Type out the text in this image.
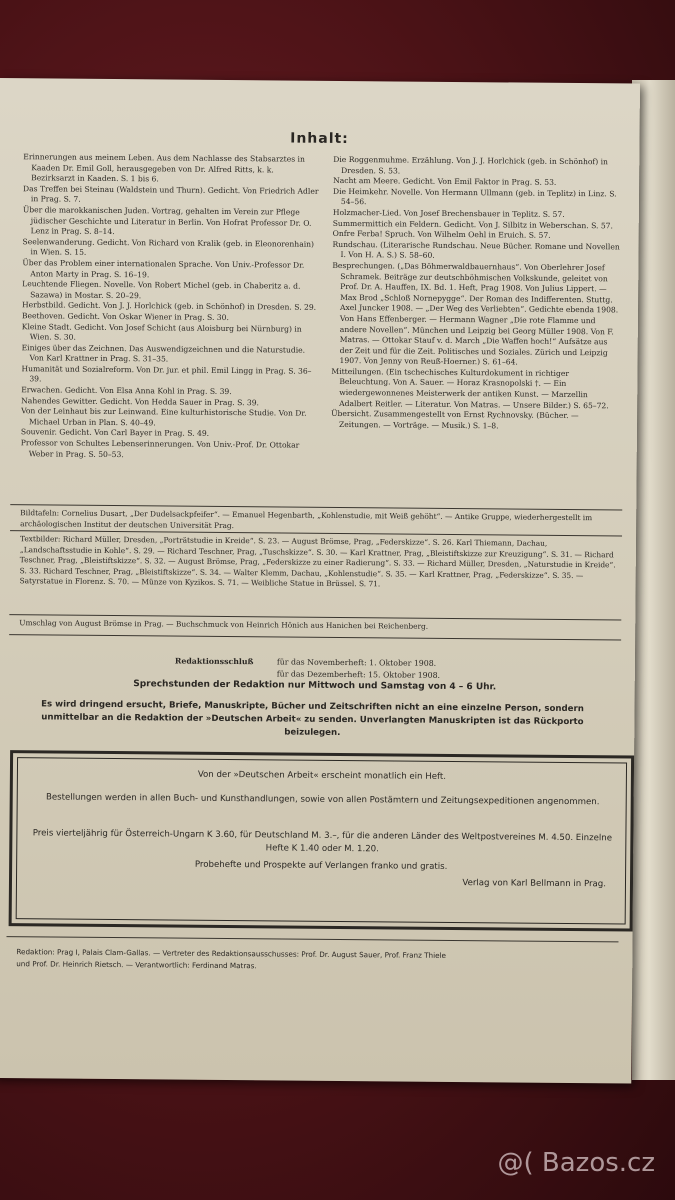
Inhalt:

Erinnerungen aus meinem Leben. Aus dem Nachlasse des Stabsarztes in Kaaden Dr. Emil Goll, herausgegeben von Dr. Alfred Ritts, k. k. Bezirksarzt in Kaaden. S. 1 bis 6.

Das Treffen bei Steinau (Waldstein und Thurn). Gedicht. Von Friedrich Adler in Prag. S. 7.

Über die marokkanischen Juden. Vortrag, gehalten im Verein zur Pflege jüdischer Geschichte und Literatur in Berlin. Von Hofrat Professor Dr. O. Lenz in Prag. S. 8–14.

Seelenwanderung. Gedicht. Von Richard von Kralik (geb. in Eleonorenhain) in Wien. S. 15.

Über das Problem einer internationalen Sprache. Von Univ.-Professor Dr. Anton Marty in Prag. S. 16–19.

Leuchtende Fliegen. Novelle. Von Robert Michel (geb. in Chaberitz a. d. Sazawa) in Mostar. S. 20–29.

Herbstbild. Gedicht. Von J. J. Horlchick (geb. in Schönhof) in Dresden. S. 29.

Beethoven. Gedicht. Von Oskar Wiener in Prag. S. 30.

Kleine Stadt. Gedicht. Von Josef Schicht (aus Aloisburg bei Nürnburg) in Wien. S. 30.

Einiges über das Zeichnen. Das Auswendigzeichnen und die Naturstudie. Von Karl Krattner in Prag. S. 31–35.

Humanität und Sozialreform. Von Dr. jur. et phil. Emil Lingg in Prag. S. 36–39.

Erwachen. Gedicht. Von Elsa Anna Kohl in Prag. S. 39.

Nahendes Gewitter. Gedicht. Von Hedda Sauer in Prag. S. 39.

Von der Leinhaut bis zur Leinwand. Eine kulturhistorische Studie. Von Dr. Michael Urban in Plan. S. 40–49.

Souvenir. Gedicht. Von Carl Bayer in Prag. S. 49.

Professor von Schultes Lebenserinnerungen. Von Univ.-Prof. Dr. Ottokar Weber in Prag. S. 50–53.

Die Roggenmuhme. Erzählung. Von J. J. Horlchick (geb. in Schönhof) in Dresden. S. 53.

Nacht am Meere. Gedicht. Von Emil Faktor in Prag. S. 53.

Die Heimkehr. Novelle. Von Hermann Ullmann (geb. in Teplitz) in Linz. S. 54–56.

Holzmacher-Lied. Von Josef Brechensbauer in Teplitz. S. 57.

Summermittich ein Feldern. Gedicht. Von J. Silbitz in Weberschan. S. 57.

Onfre Ferba! Spruch. Von Wilhelm Oehl in Eruich. S. 57.

Rundschau. (Literarische Rundschau. Neue Bücher. Romane und Novellen I. Von H. A. S.) S. 58–60.

Besprechungen. („Das Böhmerwaldbauernhaus“. Von Oberlehrer Josef Schramek. Beiträge zur deutschböhmischen Volkskunde, geleitet von Prof. Dr. A. Hauffen, IX. Bd. 1. Heft, Prag 1908. Von Julius Lippert. — Max Brod „Schloß Nornepygge“. Der Roman des Indifferenten. Stuttg. Axel Juncker 1908. — „Der Weg des Verliebten“. Gedichte ebenda 1908. Von Hans Effenberger. — Hermann Wagner „Die rote Flamme und andere Novellen“. München und Leipzig bei Georg Müller 1908. Von F. Matras. — Ottokar Stauf v. d. March „Die Waffen hoch!“ Aufsätze aus der Zeit und für die Zeit. Politisches und Soziales. Zürich und Leipzig 1907. Von Jenny von Reuß-Hoerner.) S. 61–64.

Mitteilungen. (Ein tschechisches Kulturdokument in richtiger Beleuchtung. Von A. Sauer. — Horaz Krasnopolski †. — Ein wiedergewonnenes Meisterwerk der antiken Kunst. — Marzellin Adalbert Reitler. — Literatur. Von Matras. — Unsere Bilder.) S. 65–72.

Übersicht. Zusammengestellt von Ernst Rychnovsky. (Bücher. — Zeitungen. — Vorträge. — Musik.) S. 1–8.

Bildtafeln: Cornelius Dusart, „Der Dudelsackpfeifer“. — Emanuel Hegenbarth, „Kohlenstudie, mit Weiß gehöht“. — Antike Gruppe, wiederhergestellt im archäologischen Institut der deutschen Universität Prag.
Textbilder: Richard Müller, Dresden, „Porträtstudie in Kreide“. S. 23. — August Brömse, Prag, „Federskizze“. S. 26. Karl Thiemann, Dachau, „Landschaftsstudie in Kohle“. S. 29. — Richard Teschner, Prag, „Tuschskizze“. S. 30. — Karl Krattner, Prag, „Bleistiftskizze zur Kreuzigung“. S. 31. — Richard Teschner, Prag, „Bleistiftskizze“. S. 32. — August Brömse, Prag, „Federskizze zu einer Radierung“. S. 33. — Richard Müller, Dresden, „Naturstudie in Kreide“. S. 33. Richard Teschner, Prag, „Bleistiftskizze“. S. 34. — Walter Klemm, Dachau, „Kohlenstudie“. S. 35. — Karl Krattner, Prag, „Federskizze“. S. 35. — Satyrstatue in Florenz. S. 70. — Münze von Kyzikos. S. 71. — Weibliche Statue in Brüssel. S. 71.
Umschlag von August Brömse in Prag. — Buchschmuck von Heinrich Hönich aus Hanichen bei Reichenberg.
Redaktionsschluß	für das Novemberheft: 1. Oktober 1908.
für das Dezemberheft: 15. Oktober 1908.
Sprechstunden der Redaktion nur Mittwoch und Samstag von 4 – 6 Uhr.
Es wird dringend ersucht, Briefe, Manuskripte, Bücher und Zeitschriften nicht an eine einzelne Person, sondern unmittelbar an die Redaktion der »Deutschen Arbeit« zu senden. Unverlangten Manuskripten ist das Rückporto beizulegen.

Von der »Deutschen Arbeit« erscheint monatlich ein Heft.

Bestellungen werden in allen Buch- und Kunsthandlungen, sowie von allen Postämtern und Zeitungsexpeditionen angenommen.

Preis vierteljährig für Österreich-Ungarn K 3.60, für Deutschland M. 3.–, für die anderen Länder des Weltpostvereines M. 4.50. Einzelne Hefte K 1.40 oder M. 1.20.

Probehefte und Prospekte auf Verlangen franko und gratis.

Verlag von Karl Bellmann in Prag.

Redaktion: Prag I, Palais Clam-Gallas. — Vertreter des Redaktionsausschusses: Prof. Dr. August Sauer, Prof. Franz Thiele
und Prof. Dr. Heinrich Rietsch. — Verantwortlich: Ferdinand Matras.
@( Bazos.cz
